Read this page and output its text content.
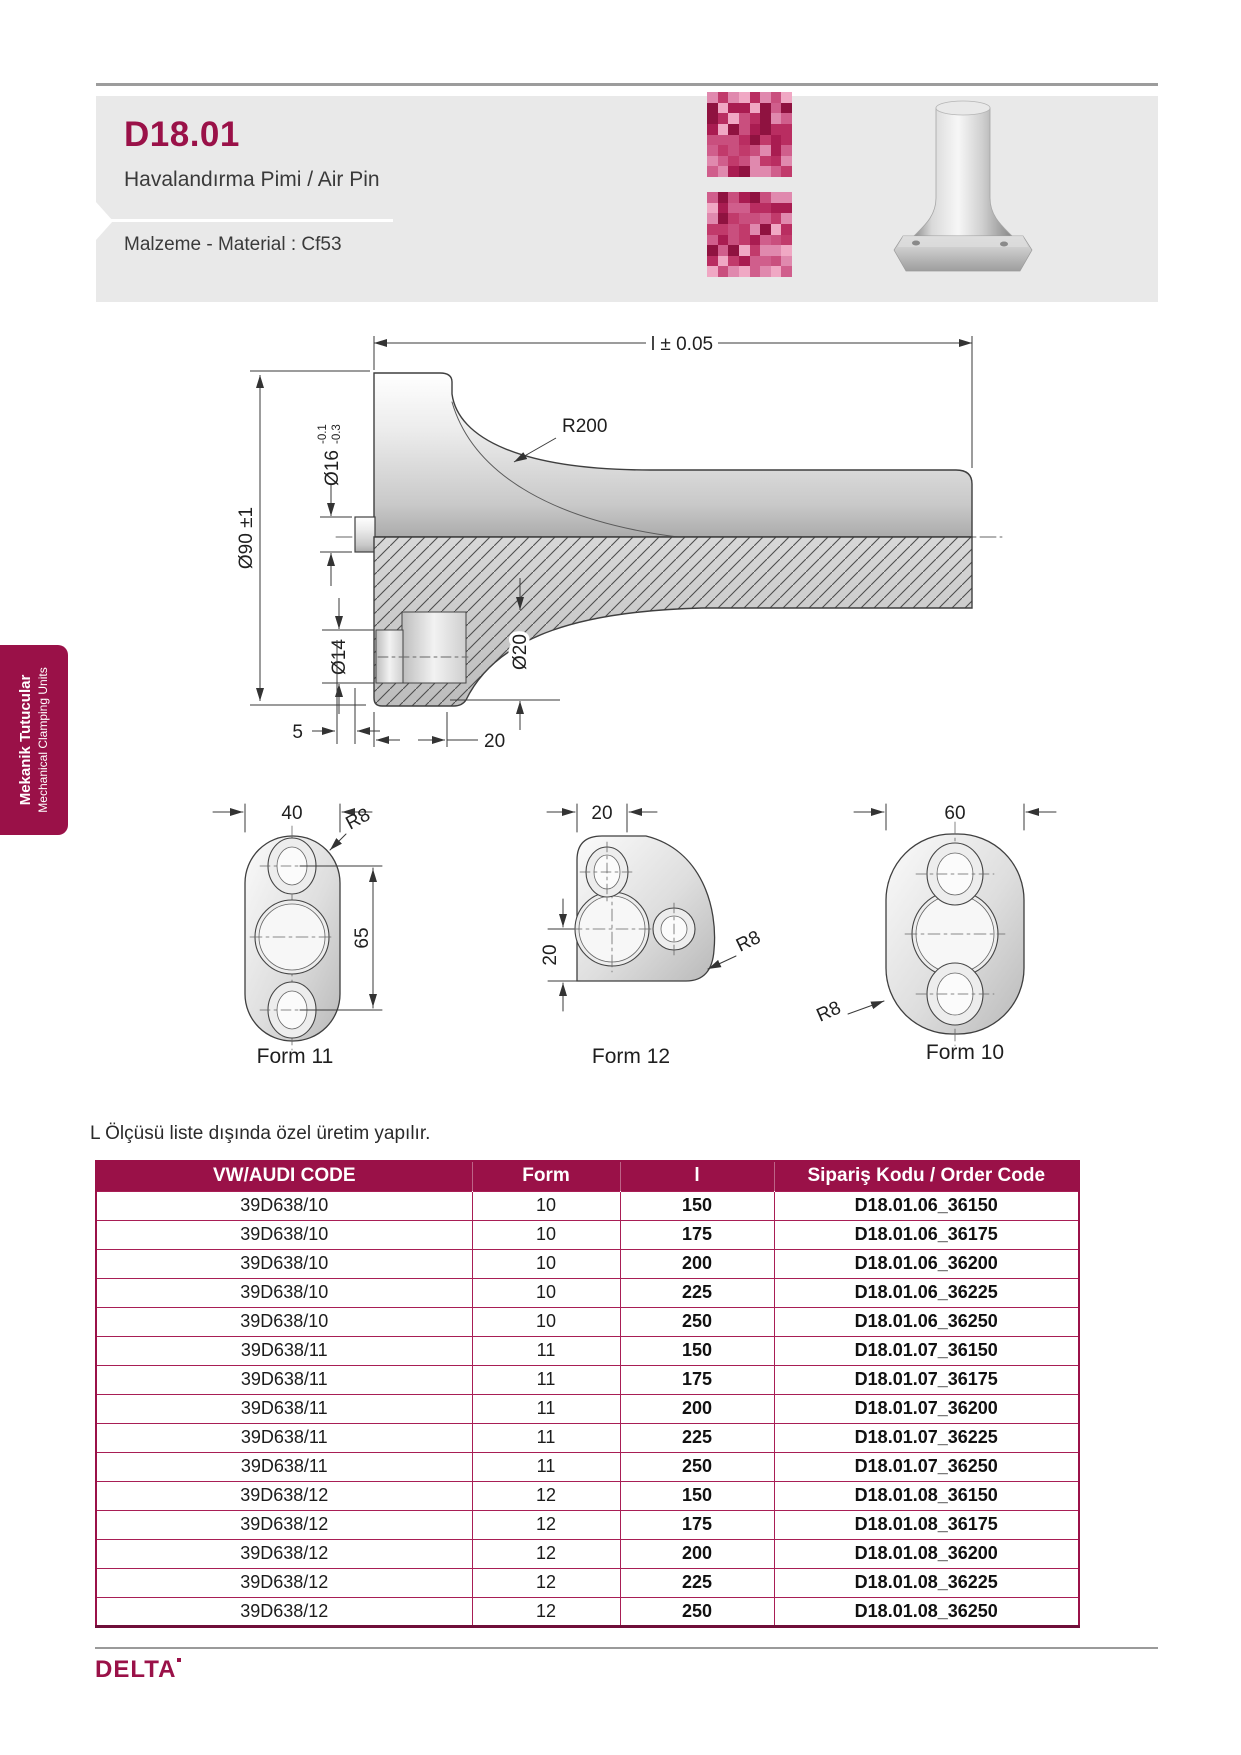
D18.01
Havalandırma Pimi / Air Pin
Malzeme - Material : Cf53
Mekanik Tutucular Mechanical Clamping Units
l ± 0.05
R200
Ø90 ±1
Ø16
-0.1 -0.3
Ø14	Ø20
5	20
40
65
R8
Form 11
20
20	R8
Form 12
60
R8
Form 10
L Ölçüsü liste dışında özel üretim yapılır.
VW/AUDI CODE	Form	l	Sipariş Kodu / Order Code
39D638/10	10	150	D18.01.06_36150
39D638/10	10	175	D18.01.06_36175
39D638/10	10	200	D18.01.06_36200
39D638/10	10	225	D18.01.06_36225
39D638/10	10	250	D18.01.06_36250
39D638/11	11	150	D18.01.07_36150
39D638/11	11	175	D18.01.07_36175
39D638/11	11	200	D18.01.07_36200
39D638/11	11	225	D18.01.07_36225
39D638/11	11	250	D18.01.07_36250
39D638/12	12	150	D18.01.08_36150
39D638/12	12	175	D18.01.08_36175
39D638/12	12	200	D18.01.08_36200
39D638/12	12	225	D18.01.08_36225
39D638/12	12	250	D18.01.08_36250
DELTA
